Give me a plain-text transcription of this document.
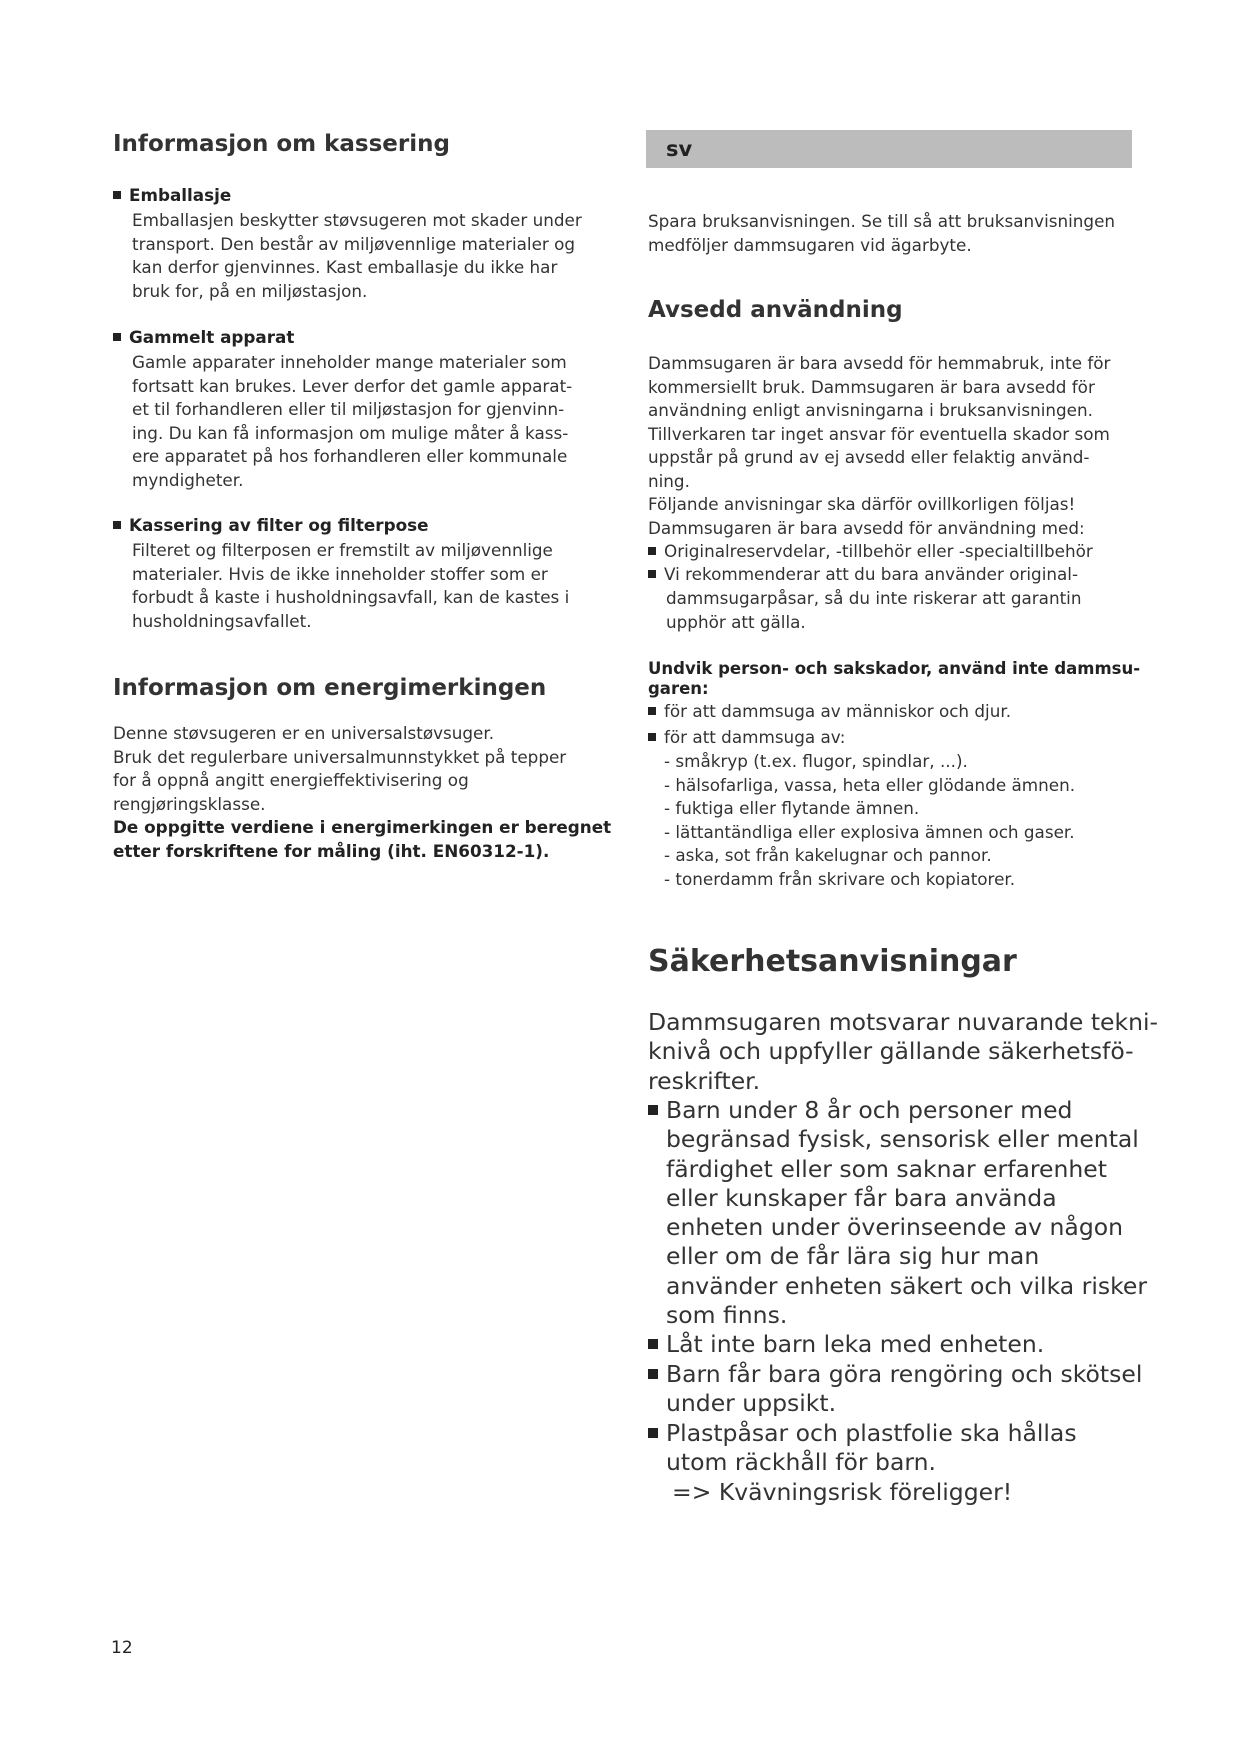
Informasjon om kassering
Emballasje
Emballasjen beskytter støvsugeren mot skader under
transport. Den består av miljøvennlige materialer og
kan derfor gjenvinnes. Kast emballasje du ikke har
bruk for, på en miljøstasjon.
Gammelt apparat
Gamle apparater inneholder mange materialer som
fortsatt kan brukes. Lever derfor det gamle apparat-
et til forhandleren eller til miljøstasjon for gjenvinn-
ing. Du kan få informasjon om mulige måter å kass-
ere apparatet på hos forhandleren eller kommunale
myndigheter.
Kassering av filter og filterpose
Filteret og filterposen er fremstilt av miljøvennlige
materialer. Hvis de ikke inneholder stoffer som er
forbudt å kaste i husholdningsavfall, kan de kastes i
husholdningsavfallet.
Informasjon om energimerkingen
Denne støvsugeren er en universalstøvsuger.
Bruk det regulerbare universalmunnstykket på tepper
for å oppnå angitt energieffektivisering og
rengjøringsklasse.
De oppgitte verdiene i energimerkingen er beregnet
etter forskriftene for måling (iht. EN60312-1).
sv
Spara bruksanvisningen. Se till så att bruksanvisningen
medföljer dammsugaren vid ägarbyte.
Avsedd användning
Dammsugaren är bara avsedd för hemmabruk, inte för
kommersiellt bruk. Dammsugaren är bara avsedd för
användning enligt anvisningarna i bruksanvisningen.
Tillverkaren tar inget ansvar för eventuella skador som
uppstår på grund av ej avsedd eller felaktig använd-
ning.
Följande anvisningar ska därför ovillkorligen följas!
Dammsugaren är bara avsedd för användning med:
Originalreservdelar, -tillbehör eller -specialtillbehör
Vi rekommenderar att du bara använder original-
dammsugarpåsar, så du inte riskerar att garantin
upphör att gälla.
Undvik person- och sakskador, använd inte dammsu-
garen:
för att dammsuga av människor och djur.
för att dammsuga av:
- småkryp (t.ex. flugor, spindlar, ...).
- hälsofarliga, vassa, heta eller glödande ämnen.
- fuktiga eller flytande ämnen.
- lättantändliga eller explosiva ämnen och gaser.
- aska, sot från kakelugnar och pannor.
- tonerdamm från skrivare och kopiatorer.
Säkerhetsanvisningar
Dammsugaren motsvarar nuvarande tekni-
knivå och uppfyller gällande säkerhetsfö-
reskrifter.
Barn under 8 år och personer med
begränsad fysisk, sensorisk eller mental
färdighet eller som saknar erfarenhet
eller kunskaper får bara använda
enheten under överinseende av någon
eller om de får lära sig hur man
använder enheten säkert och vilka risker
som finns.
Låt inte barn leka med enheten.
Barn får bara göra rengöring och skötsel
under uppsikt.
Plastpåsar och plastfolie ska hållas
utom räckhåll för barn.
=> Kvävningsrisk föreligger!
12
